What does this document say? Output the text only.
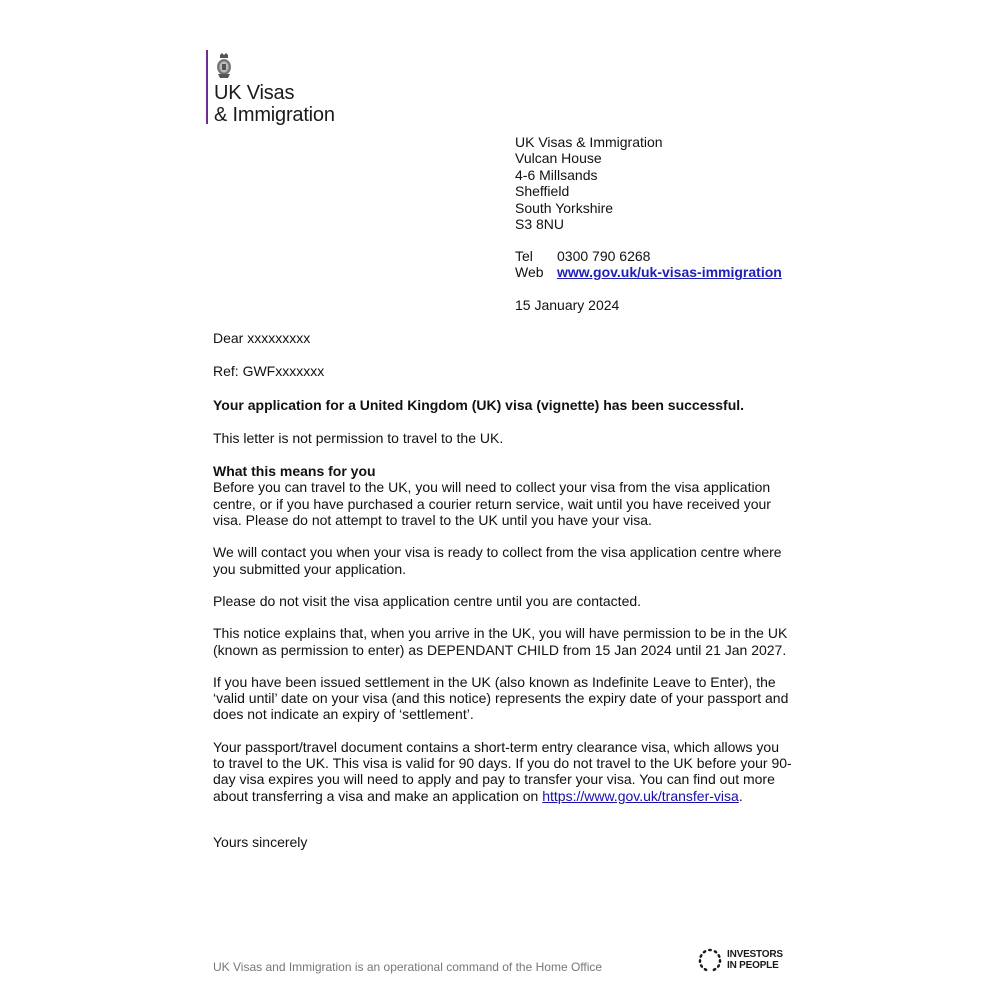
UK Visas
& Immigration
UK Visas & Immigration
Vulcan House
4-6 Millsands
Sheffield
South Yorkshire
S3 8NU
Tel	0300 790 6268
Web www.gov.uk/uk-visas-immigration
15 January 2024

Dear xxxxxxxxx

Ref: GWFxxxxxxx

Your application for a United Kingdom (UK) visa (vignette) has been successful.

This letter is not permission to travel to the UK.

What this means for you

Before you can travel to the UK, you will need to collect your visa from the visa application centre, or if you have purchased a courier return service, wait until you have received your visa. Please do not attempt to travel to the UK until you have your visa.

We will contact you when your visa is ready to collect from the visa application centre where you submitted your application.

Please do not visit the visa application centre until you are contacted.

This notice explains that, when you arrive in the UK, you will have permission to be in the UK (known as permission to enter) as DEPENDANT CHILD from 15 Jan 2024 until 21 Jan 2027.

If you have been issued settlement in the UK (also known as Indefinite Leave to Enter), the ‘valid until’ date on your visa (and this notice) represents the expiry date of your passport and does not indicate an expiry of ‘settlement’.

Your passport/travel document contains a short-term entry clearance visa, which allows you to travel to the UK. This visa is valid for 90 days. If you do not travel to the UK before your 90-day visa expires you will need to apply and pay to transfer your visa. You can find out more about transferring a visa and make an application on https://www.gov.uk/transfer-visa.

Yours sincerely

UK Visas and Immigration is an operational command of the Home Office
INVESTORS
IN PEOPLE
